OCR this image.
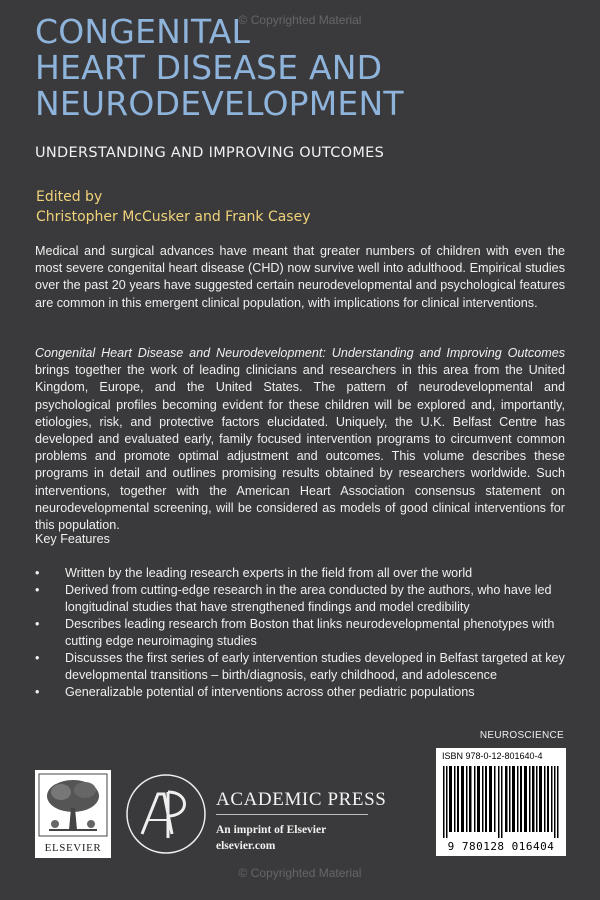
© Copyrighted Material
CONGENITAL
HEART DISEASE AND
NEURODEVELOPMENT
UNDERSTANDING AND IMPROVING OUTCOMES
Edited by
Christopher McCusker and Frank Casey
Medical and surgical advances have meant that greater numbers of children with even the most severe congenital heart disease (CHD) now survive well into adulthood. Empirical studies over the past 20 years have suggested certain neurodevelopmental and psychological features are common in this emergent clinical population, with implications for clinical interventions.
Congenital Heart Disease and Neurodevelopment: Understanding and Improving Outcomes brings together the work of leading clinicians and researchers in this area from the United Kingdom, Europe, and the United States. The pattern of neurodevelopmental and psychological profiles becoming evident for these children will be explored and, importantly, etiologies, risk, and protective factors elucidated. Uniquely, the U.K. Belfast Centre has developed and evaluated early, family focused intervention programs to circumvent common problems and promote optimal adjustment and outcomes. This volume describes these programs in detail and outlines promising results obtained by researchers worldwide. Such interventions, together with the American Heart Association consensus statement on neurodevelopmental screening, will be considered as models of good clinical interventions for this population.
Key Features
• Written by the leading research experts in the field from all over the world
• Derived from cutting-edge research in the area conducted by the authors, who have led longitudinal studies that have strengthened findings and model credibility
• Describes leading research from Boston that links neurodevelopmental phenotypes with cutting edge neuroimaging studies
• Discusses the first series of early intervention studies developed in Belfast targeted at key developmental transitions – birth/diagnosis, early childhood, and adolescence
• Generalizable potential of interventions across other pediatric populations
NEUROSCIENCE
ISBN 978-0-12-801640-4
9 780128 016404
ELSEVIER
ACADEMIC PRESS
An imprint of Elsevier
elsevier.com
© Copyrighted Material
